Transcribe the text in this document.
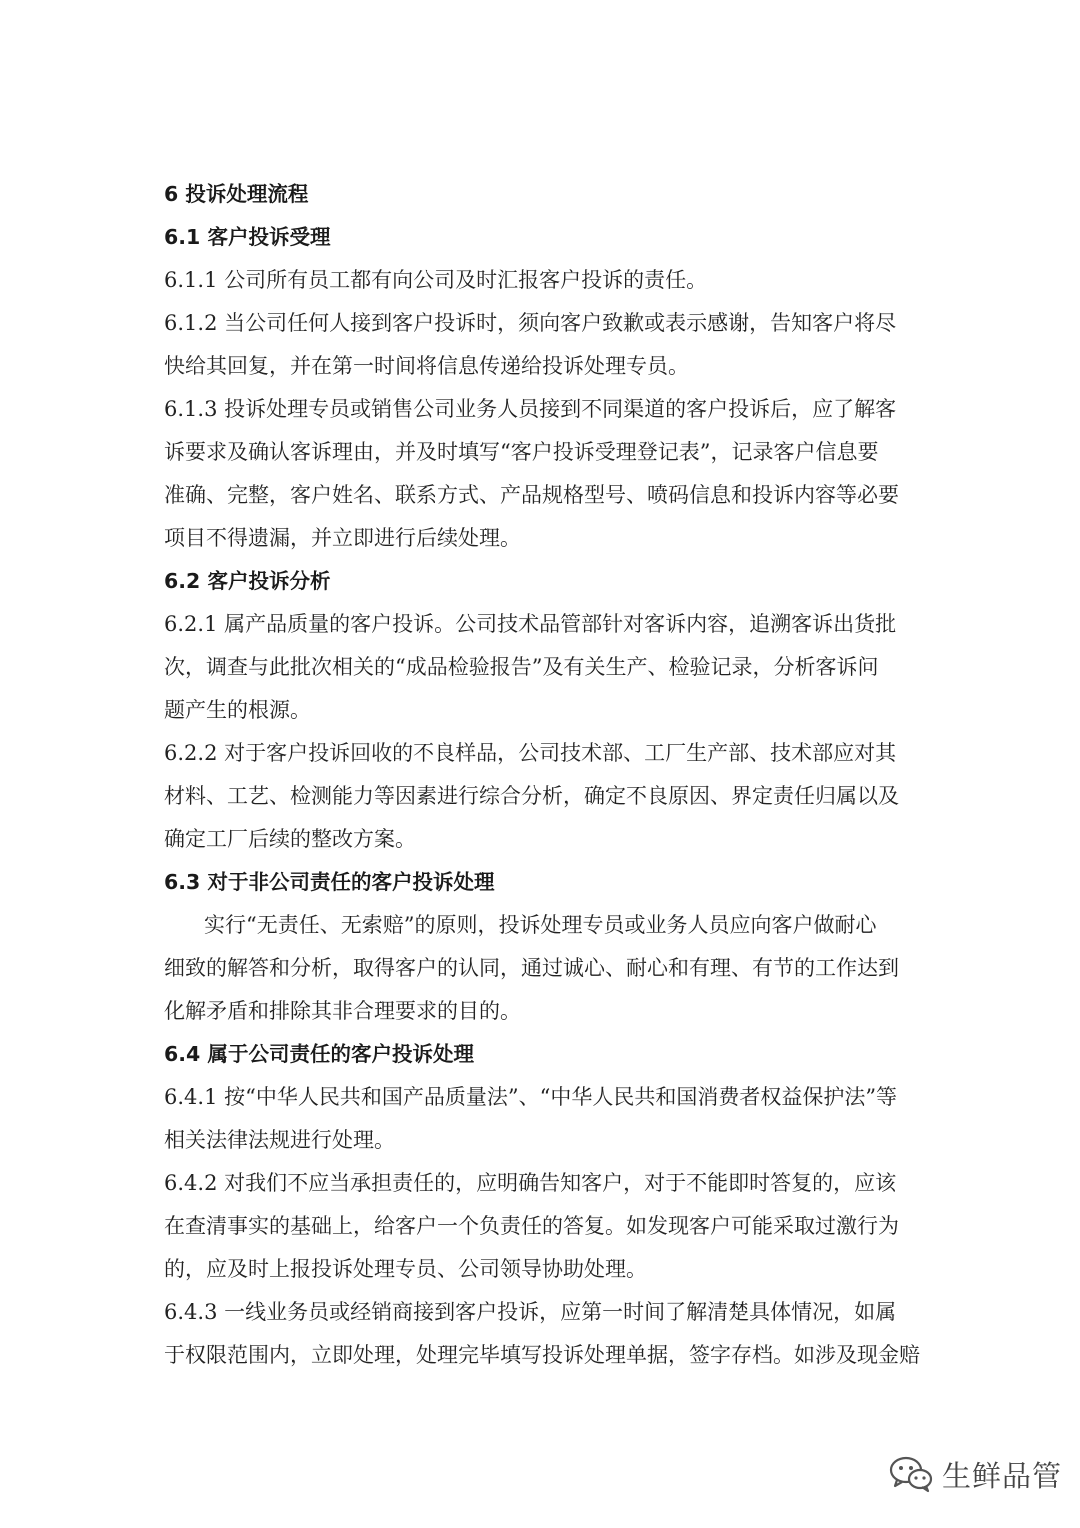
6 投诉处理流程
6.1 客户投诉受理
6.1.1 公司所有员工都有向公司及时汇报客户投诉的责任。
6.1.2 当公司任何人接到客户投诉时，须向客户致歉或表示感谢，告知客户将尽
快给其回复，并在第一时间将信息传递给投诉处理专员。
6.1.3 投诉处理专员或销售公司业务人员接到不同渠道的客户投诉后，应了解客
诉要求及确认客诉理由，并及时填写“客户投诉受理登记表”，记录客户信息要
准确、完整，客户姓名、联系方式、产品规格型号、喷码信息和投诉内容等必要
项目不得遗漏，并立即进行后续处理。
6.2 客户投诉分析
6.2.1 属产品质量的客户投诉。公司技术品管部针对客诉内容，追溯客诉出货批
次，调查与此批次相关的“成品检验报告”及有关生产、检验记录，分析客诉问
题产生的根源。
6.2.2 对于客户投诉回收的不良样品，公司技术部、工厂生产部、技术部应对其
材料、工艺、检测能力等因素进行综合分析，确定不良原因、界定责任归属以及
确定工厂后续的整改方案。
6.3 对于非公司责任的客户投诉处理
实行“无责任、无索赔”的原则，投诉处理专员或业务人员应向客户做耐心
细致的解答和分析，取得客户的认同，通过诚心、耐心和有理、有节的工作达到
化解矛盾和排除其非合理要求的目的。
6.4 属于公司责任的客户投诉处理
6.4.1 按“中华人民共和国产品质量法”、“中华人民共和国消费者权益保护法”等
相关法律法规进行处理。
6.4.2 对我们不应当承担责任的，应明确告知客户，对于不能即时答复的，应该
在查清事实的基础上，给客户一个负责任的答复。如发现客户可能采取过激行为
的，应及时上报投诉处理专员、公司领导协助处理。
6.4.3 一线业务员或经销商接到客户投诉，应第一时间了解清楚具体情况，如属
于权限范围内，立即处理，处理完毕填写投诉处理单据，签字存档。如涉及现金赔
生鲜品管
